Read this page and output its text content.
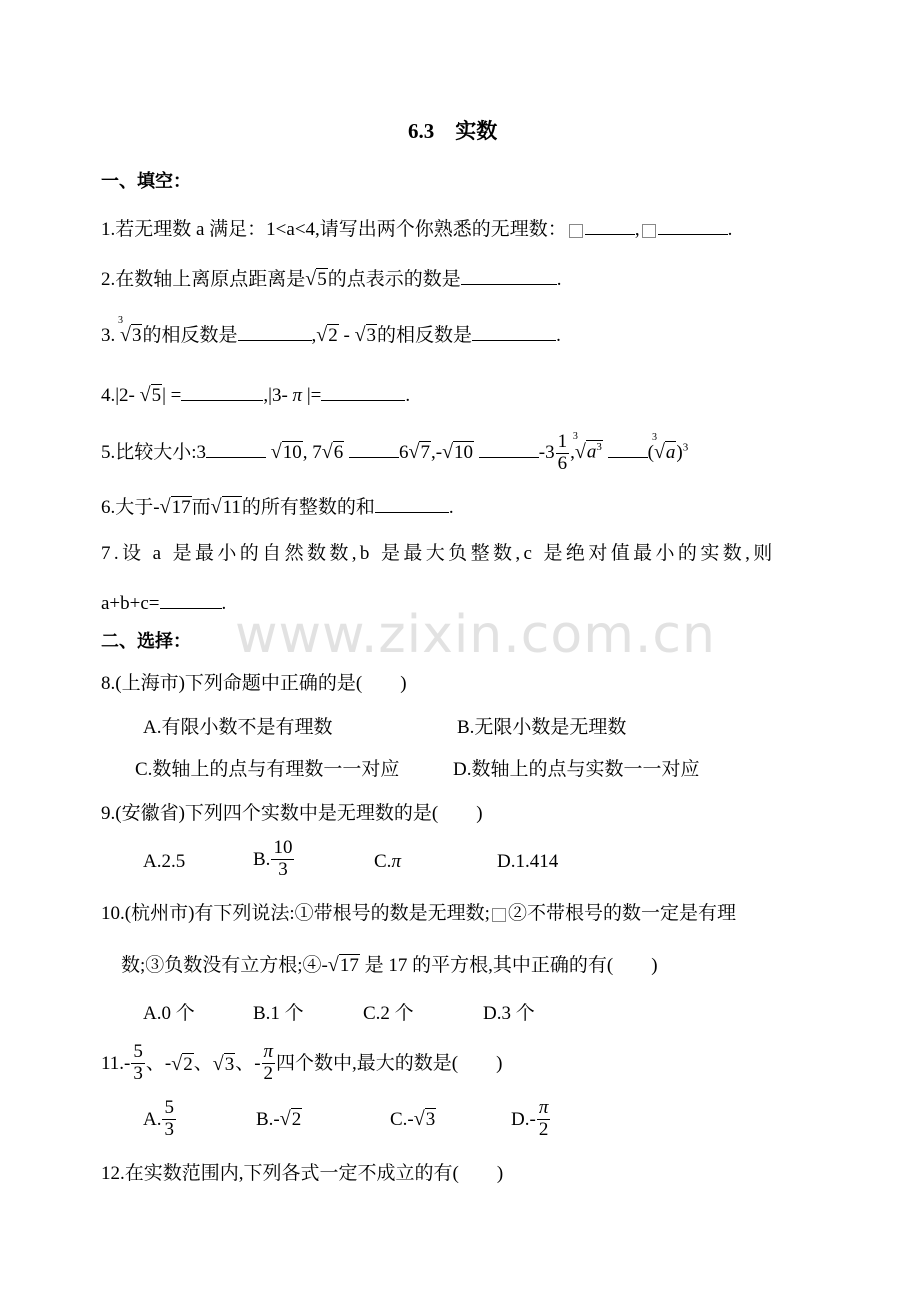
www.zixin.com.cn
6.3　实数
一、填空：
1.若无理数 a 满足：1<a<4,请写出两个你熟悉的无理数：	,	.
2.在数轴上离原点距离是 √ 5 的点表示的数是	.
3.
3
√ 3 的相反数是	, √ 2 - √ 3 的相反数是	.
4.|2- √ 5 | =	,|3- π |=	.
5.比较大小:3	√ 10 , 7 √ 6	6 √ 7 ,- √ 10	$-3 \frac{1}{6}$ ,
3
√ $a^3$ (
3
√ a )$^3$
6.大于- √ 17 而 √ 11 的所有整数的和	.
7.设 a 是最小的自然数数,b 是最大负整数,c 是绝对值最小的实数,则
a+b+c=	.
二、选择：
8.(上海市)下列命题中正确的是(　　)
A.有限小数不是有理数	B.无限小数是无理数
C.数轴上的点与有理数一一对应	D.数轴上的点与实数一一对应
9.(安徽省)下列四个实数中是无理数的是(　　)
A.2.5	B. $\frac{10}{3}$	C.π	D.1.414
10.(杭州市)有下列说法:①带根号的数是无理数; ②不带根号的数一定是有理
数;③负数没有立方根;④- √ 17 是 17 的平方根,其中正确的有(　　)
A.0 个	B.1 个	C.2 个	D.3 个
$11.- \frac{5}{3}$ 、- √ 2 、 √ 3 、- $\frac{\pi}{2}$ 四个数中,最大的数是(　　)
A. $\frac{5}{3}$	B.- √ 2	C.- √ 3	$D.- \frac{\pi}{2}$
12.在实数范围内,下列各式一定不成立的有(　　)
